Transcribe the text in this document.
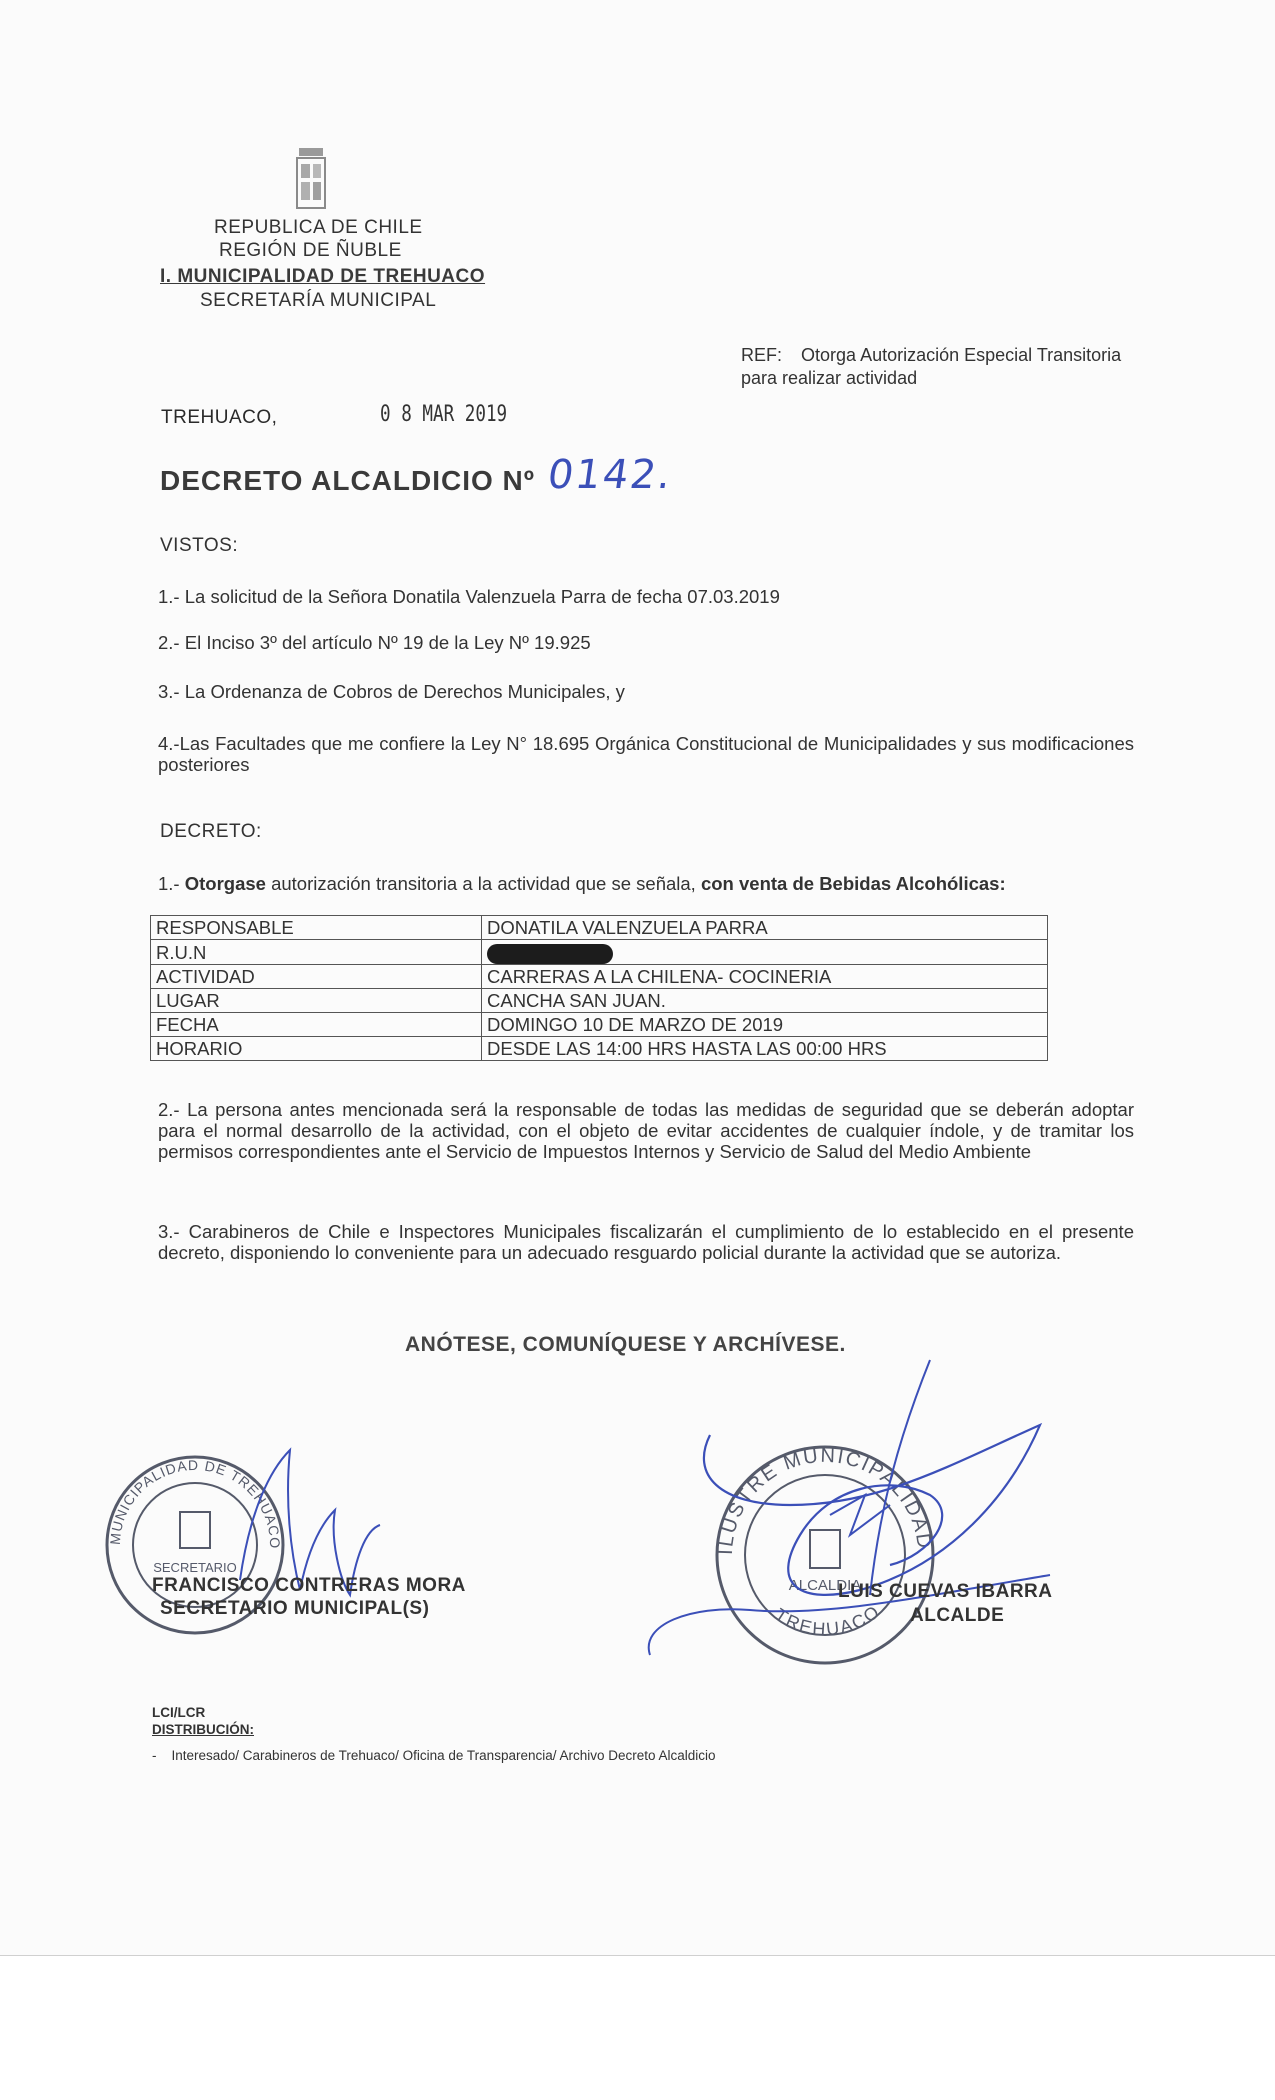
REPUBLICA DE CHILE
REGIÓN DE ÑUBLE
I. MUNICIPALIDAD DE TREHUACO
SECRETARÍA MUNICIPAL
REF: Otorga Autorización Especial Transitoria para realizar actividad
TREHUACO,	0 8 MAR 2019
DECRETO ALCALDICIO Nº 0142.
VISTOS:
1.- La solicitud de la Señora Donatila Valenzuela Parra de fecha 07.03.2019
2.- El Inciso 3º del artículo Nº 19 de la Ley Nº 19.925
3.- La Ordenanza de Cobros de Derechos Municipales, y
4.-Las Facultades que me confiere la Ley N° 18.695 Orgánica Constitucional de Municipalidades y sus modificaciones posteriores
DECRETO:
1.- Otorgase autorización transitoria a la actividad que se señala, con venta de Bebidas Alcohólicas:
RESPONSABLE	DONATILA VALENZUELA PARRA
R.U.N	
ACTIVIDAD	CARRERAS A LA CHILENA- COCINERIA
LUGAR	CANCHA SAN JUAN.
FECHA	DOMINGO 10 DE MARZO DE 2019
HORARIO	DESDE LAS 14:00 HRS HASTA LAS 00:00 HRS
2.- La persona antes mencionada será la responsable de todas las medidas de seguridad que se deberán adoptar para el normal desarrollo de la actividad, con el objeto de evitar accidentes de cualquier índole, y de tramitar los permisos correspondientes ante el Servicio de Impuestos Internos y Servicio de Salud del Medio Ambiente
3.- Carabineros de Chile e Inspectores Municipales fiscalizarán el cumplimiento de lo establecido en el presente decreto, disponiendo lo conveniente para un adecuado resguardo policial durante la actividad que se autoriza.
ANÓTESE, COMUNÍQUESE Y ARCHÍVESE.
MUNICIPALIDAD DE TREHUACO
SECRETARIO
FRANCISCO CONTRERAS MORA
SECRETARIO MUNICIPAL(S)
ILUSTRE MUNICIPALIDAD
TREHUACO
ALCALDIA
LUIS CUEVAS IBARRA
ALCALDE
LCI/LCR
DISTRIBUCIÓN:
-    Interesado/ Carabineros de Trehuaco/ Oficina de Transparencia/ Archivo Decreto Alcaldicio
